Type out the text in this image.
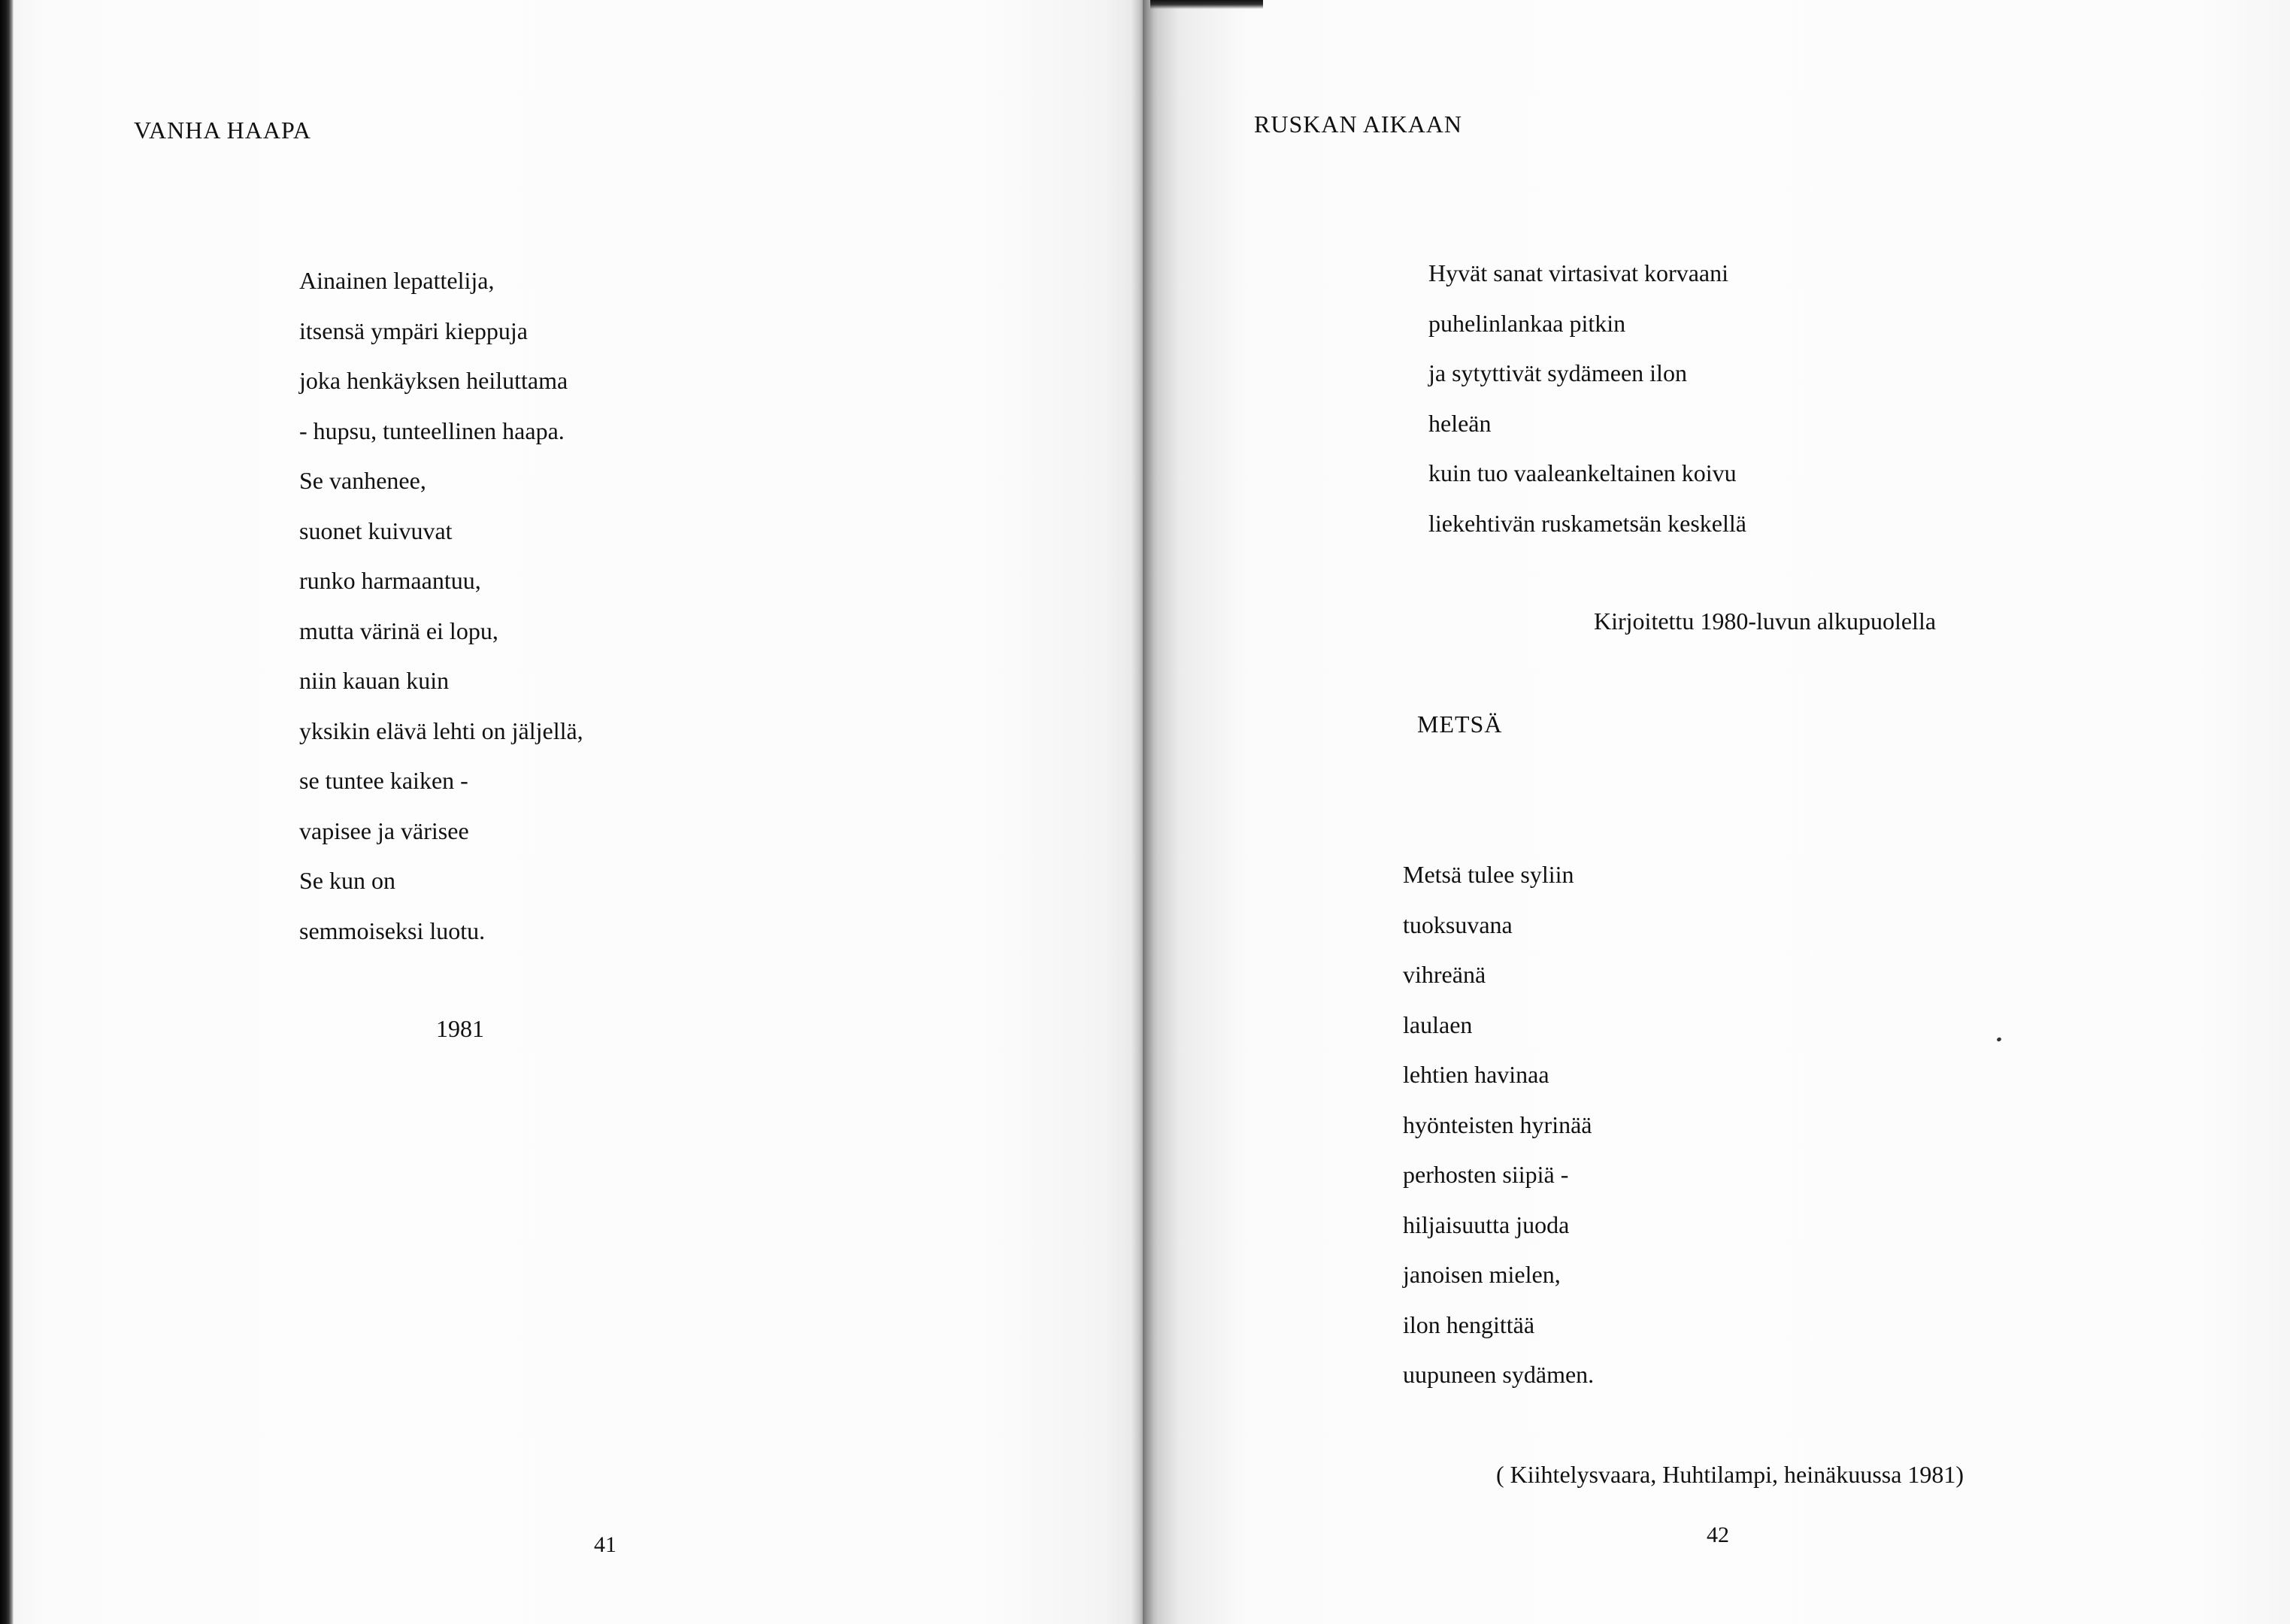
VANHA HAAPA
Ainainen lepattelija,
itsensä ympäri kieppuja
joka henkäyksen heiluttama
- hupsu, tunteellinen haapa.
Se vanhenee,
suonet kuivuvat
runko harmaantuu,
mutta värinä ei lopu,
niin kauan kuin
yksikin elävä lehti on jäljellä,
se tuntee kaiken -
vapisee ja värisee
Se kun on
semmoiseksi luotu.
1981
41
RUSKAN AIKAAN
Hyvät sanat virtasivat korvaani
puhelinlankaa pitkin
ja sytyttivät sydämeen ilon
heleän
kuin tuo vaaleankeltainen koivu
liekehtivän ruskametsän keskellä
Kirjoitettu 1980-luvun alkupuolella
METSÄ
Metsä tulee syliin
tuoksuvana
vihreänä
laulaen
lehtien havinaa
hyönteisten hyrinää
perhosten siipiä -
hiljaisuutta juoda
janoisen mielen,
ilon hengittää
uupuneen sydämen.
( Kiihtelysvaara, Huhtilampi, heinäkuussa 1981)
42
